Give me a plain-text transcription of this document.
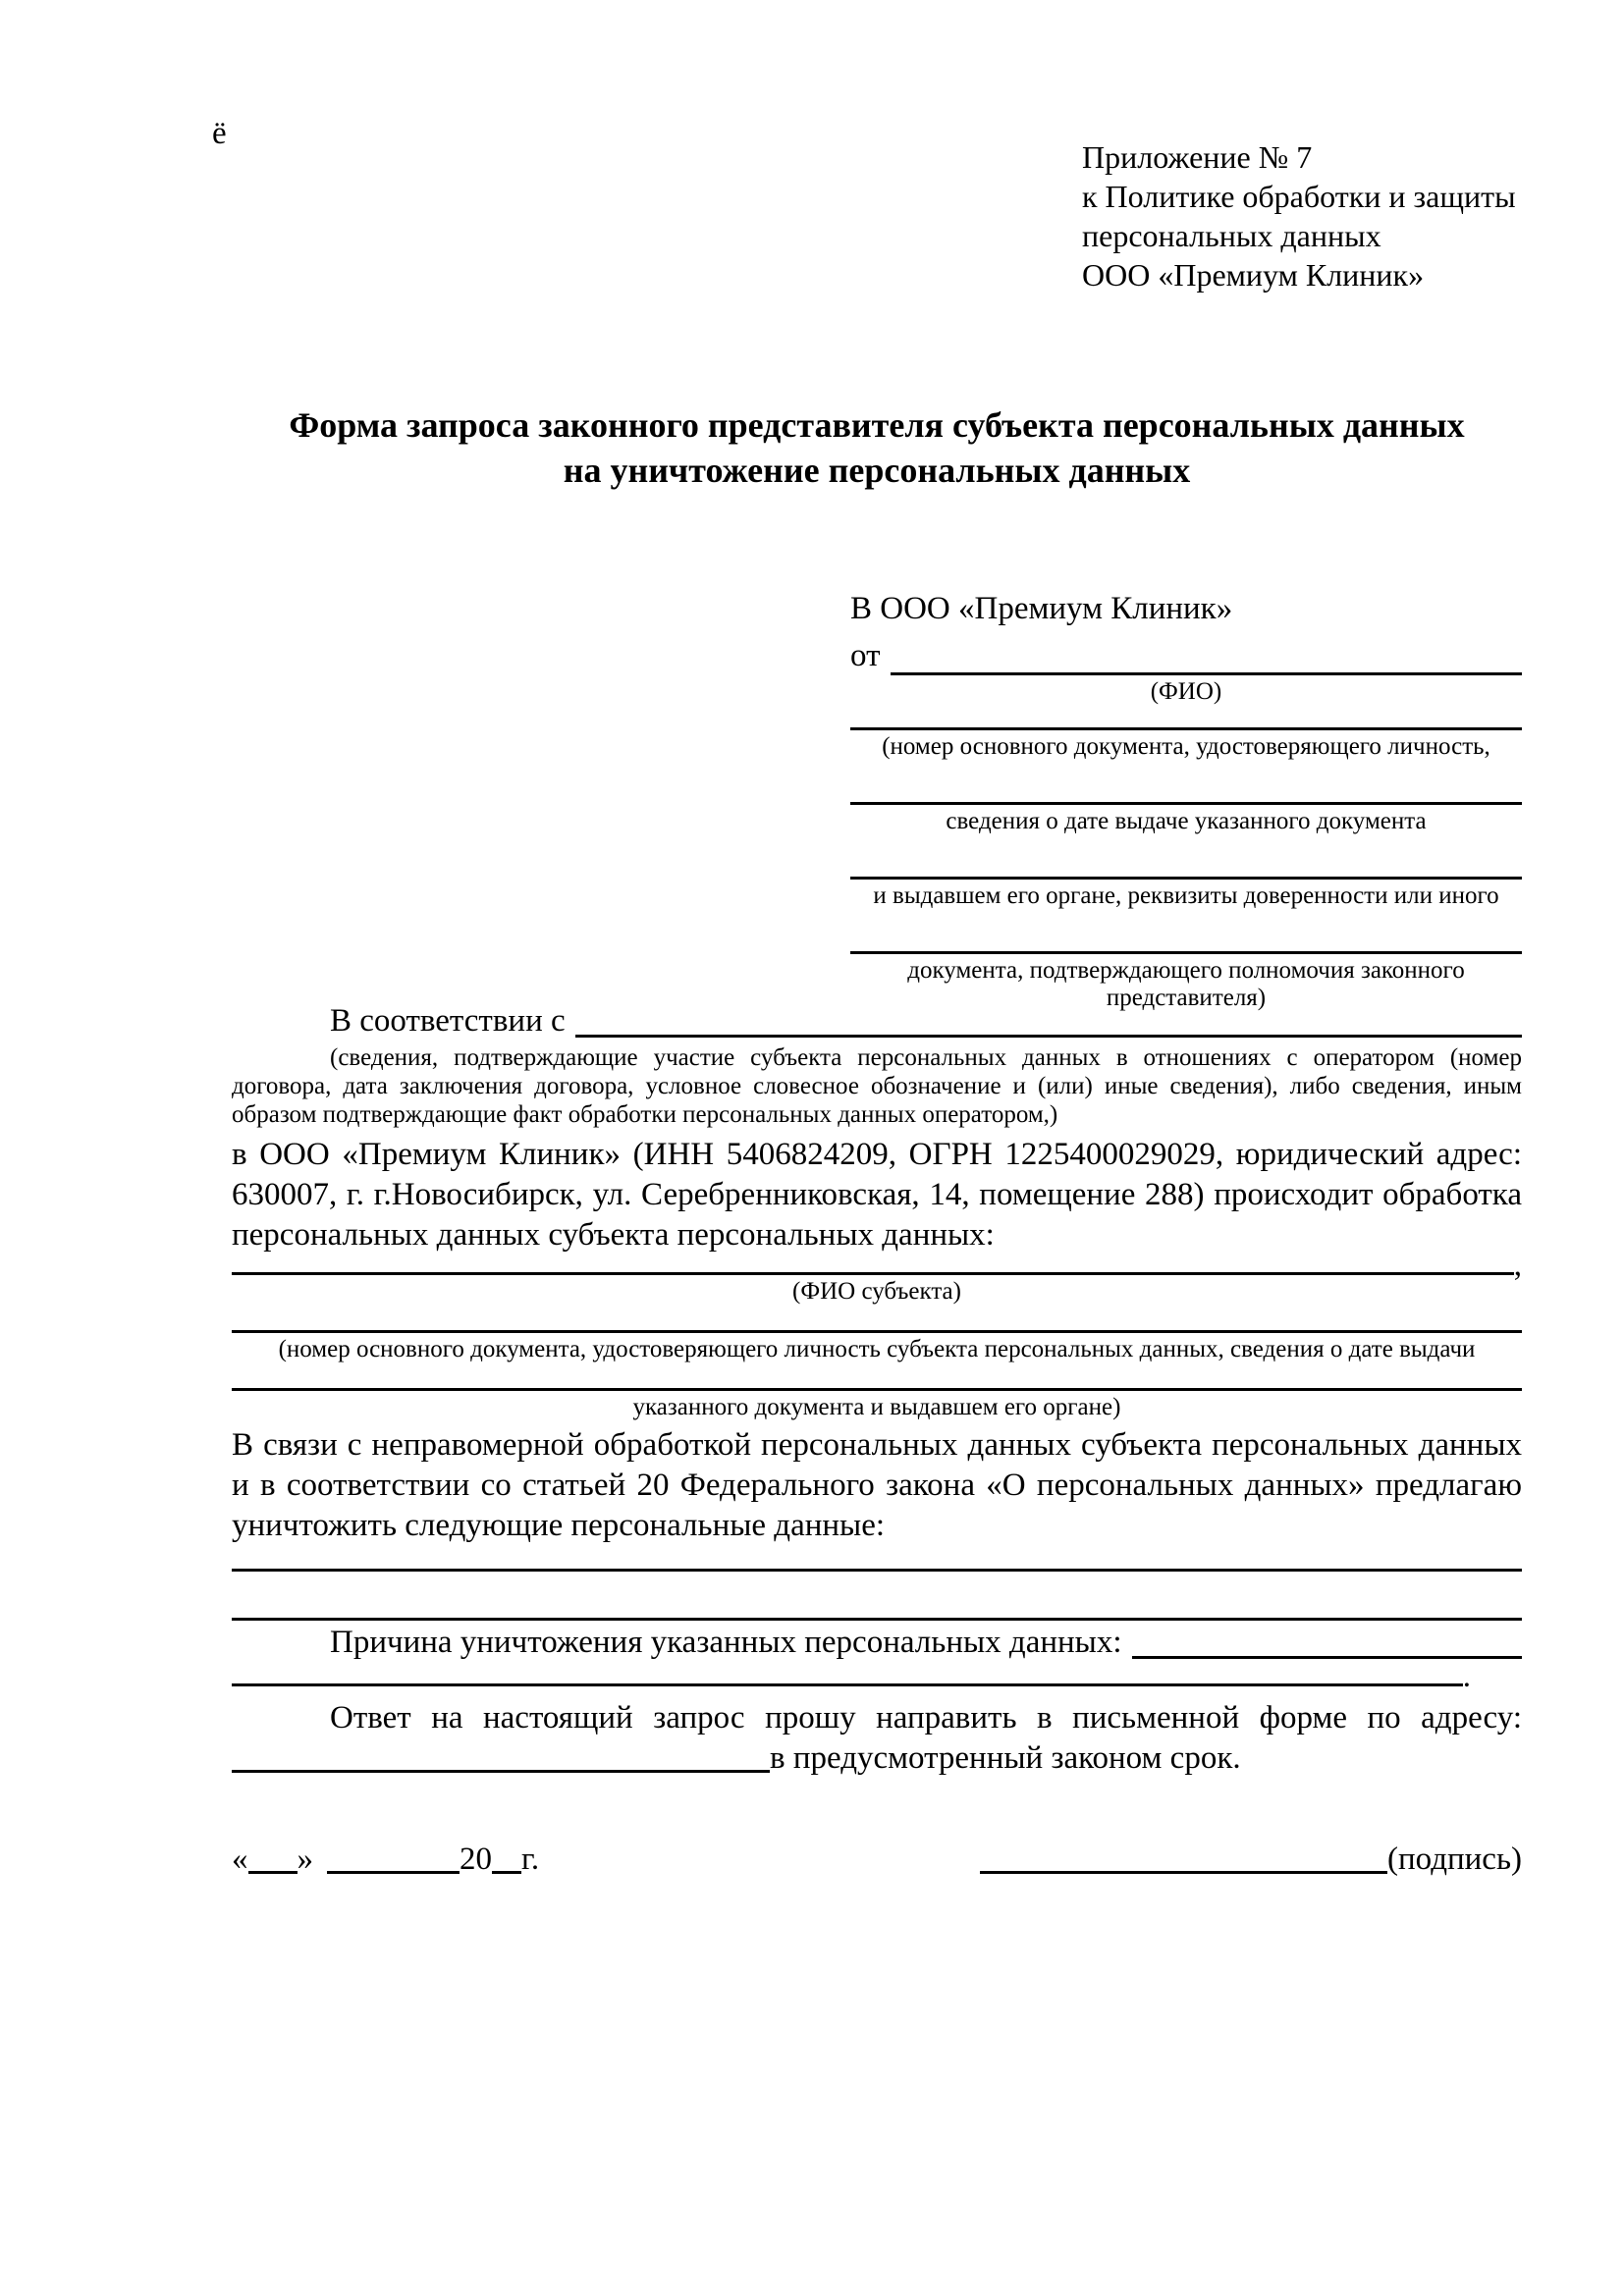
ё
Приложение № 7
к Политике обработки и защиты
персональных данных
ООО «Премиум Клиник»
Форма запроса законного представителя субъекта персональных данных
на уничтожение персональных данных
В ООО «Премиум Клиник»
от
(ФИО)
(номер основного документа, удостоверяющего личность,
сведения о дате выдаче указанного документа
и выдавшем его органе, реквизиты доверенности или иного
документа, подтверждающего полномочия законного представителя)
В соответствии с

(сведения, подтверждающие участие субъекта персональных данных в отношениях с оператором (номер договора, дата заключения договора, условное словесное обозначение и (или) иные сведения), либо сведения, иным образом подтверждающие факт обработки персональных данных оператором,)

в ООО «Премиум Клиник» (ИНН 5406824209, ОГРН 1225400029029, юридический адрес: 630007, г. г.Новосибирск, ул. Серебренниковская, 14, помещение 288) происходит обработка персональных данных субъекта персональных данных:

,
(ФИО субъекта)
(номер основного документа, удостоверяющего личность субъекта персональных данных, сведения о дате выдачи
указанного документа и выдавшем его органе)

В связи с неправомерной обработкой персональных данных субъекта персональных данных и в соответствии со статьей 20 Федерального закона «О персональных данных» предлагаю уничтожить следующие персональные данные:

Причина уничтожения указанных персональных данных:
.

Ответ на настоящий запрос прошу направить в письменной форме по адресу:

в предусмотренный законом срок.
« »	20 г.	(подпись)
